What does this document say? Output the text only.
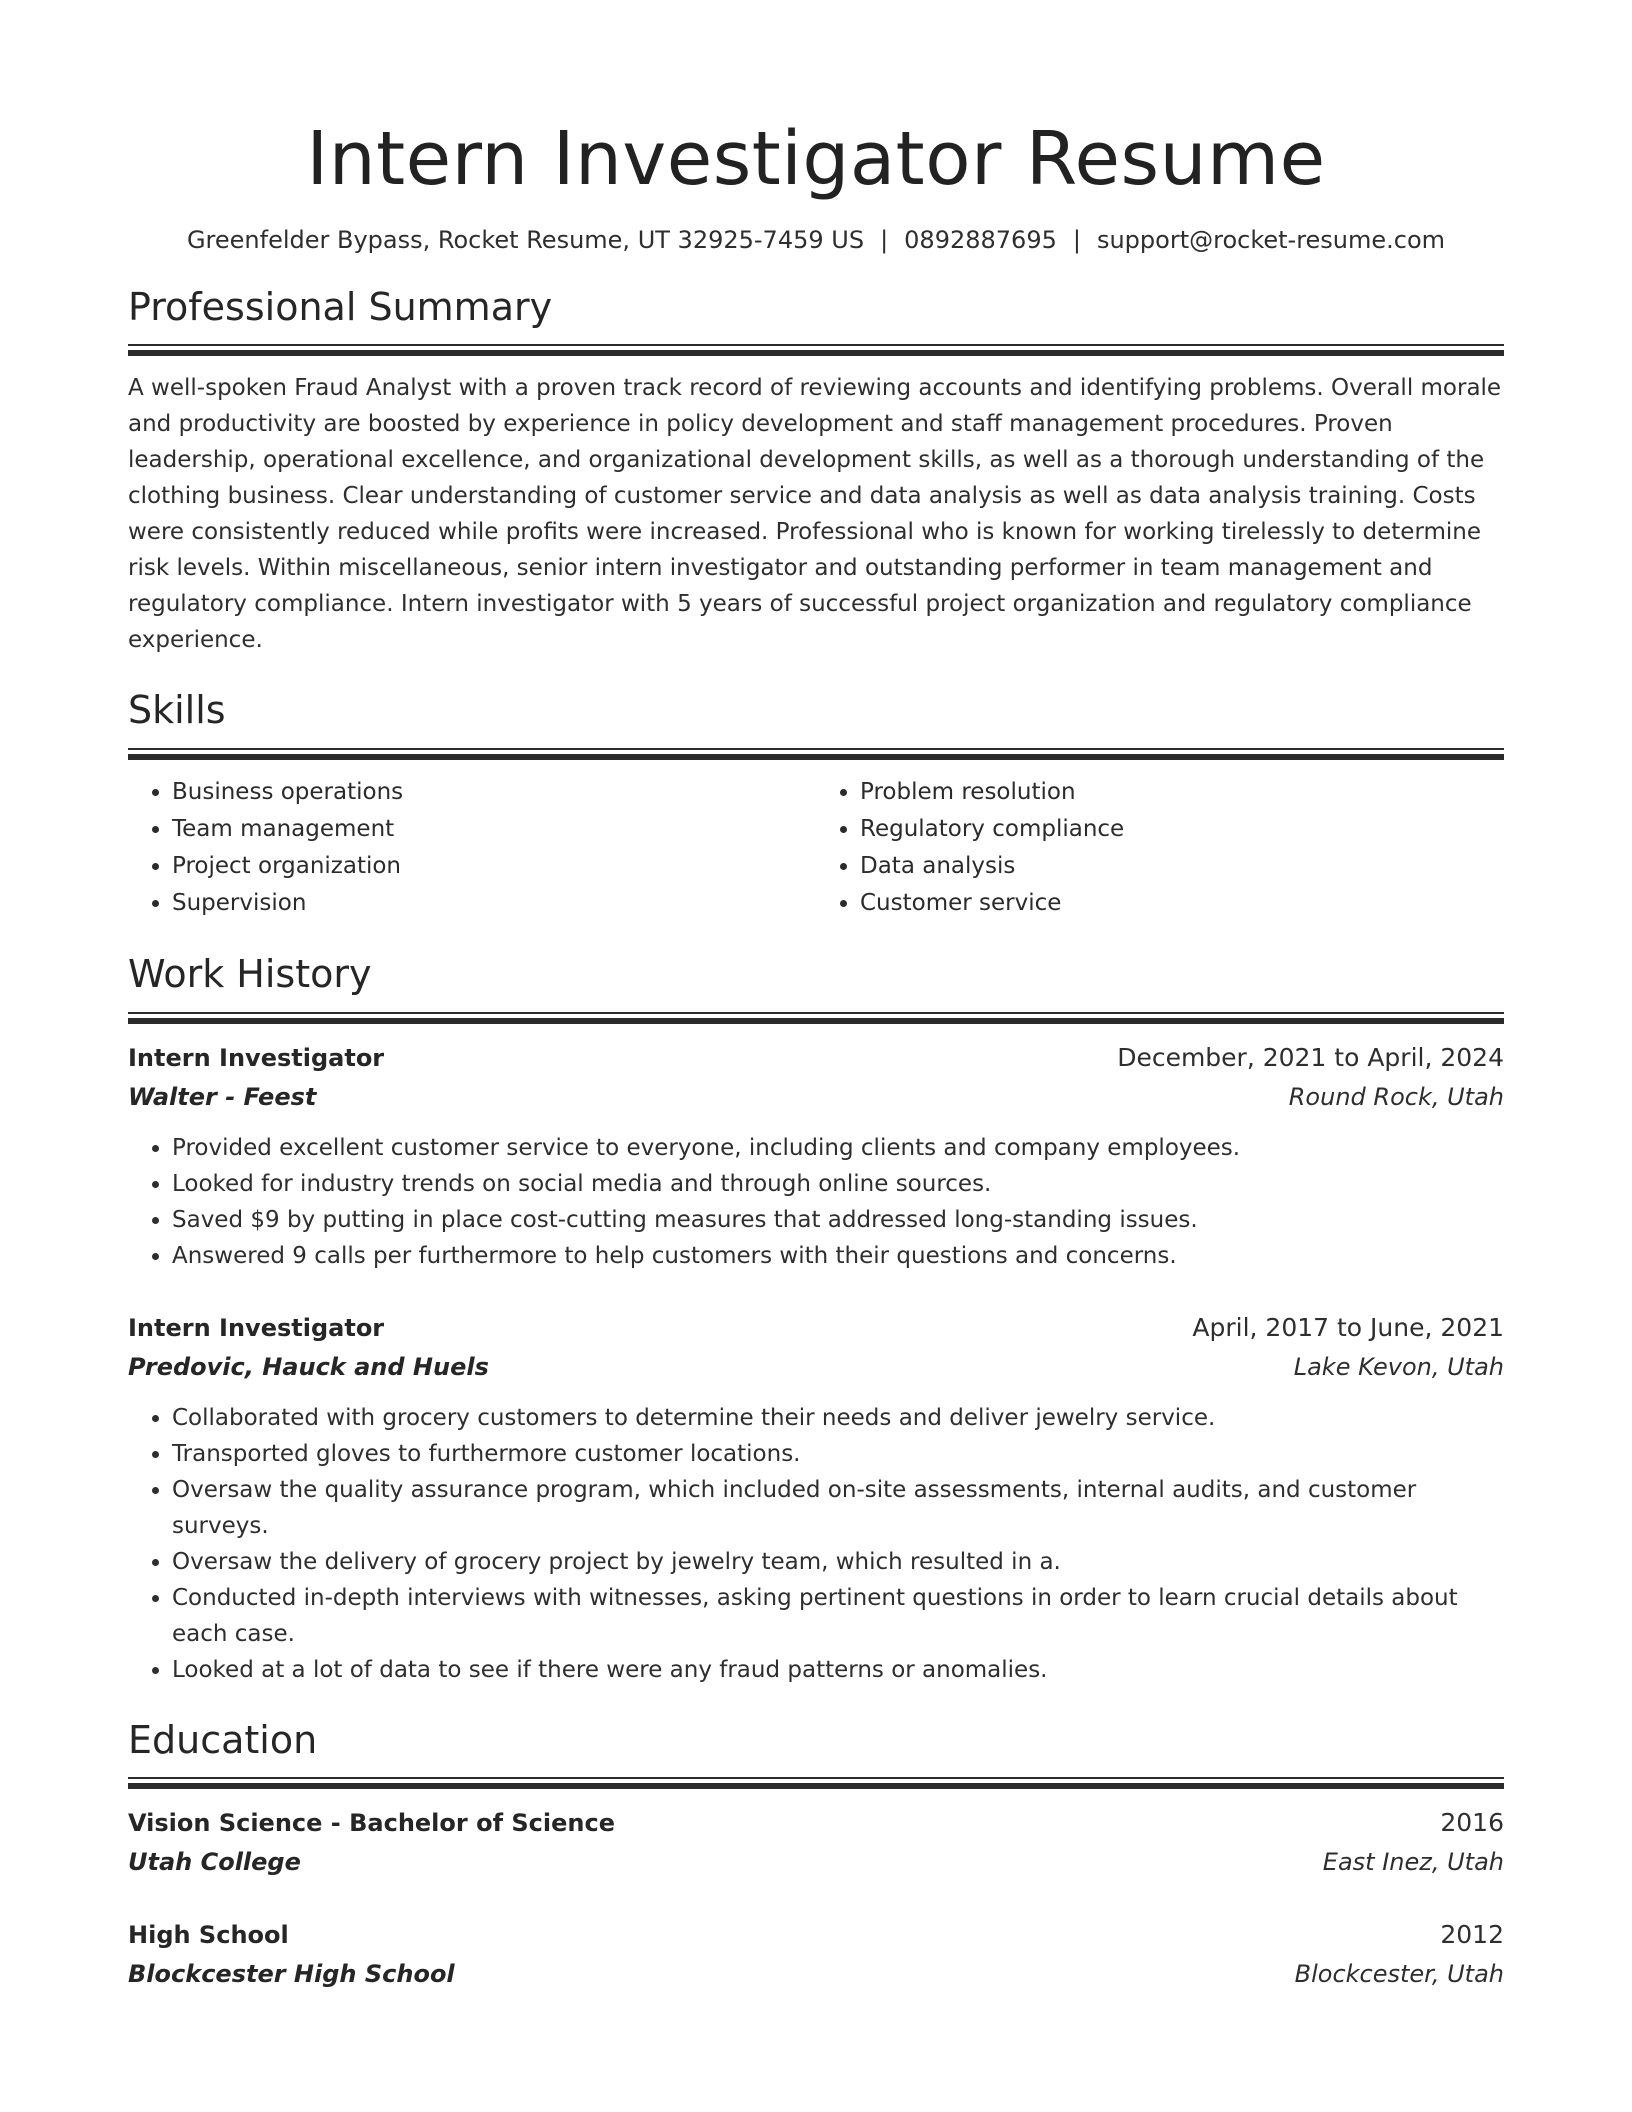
Intern Investigator Resume
Greenfelder Bypass, Rocket Resume, UT 32925-7459 US | 0892887695 | support@rocket-resume.com
Professional Summary

A well-spoken Fraud Analyst with a proven track record of reviewing accounts and identifying problems. Overall morale and productivity are boosted by experience in policy development and staff management procedures. Proven leadership, operational excellence, and organizational development skills, as well as a thorough understanding of the clothing business. Clear understanding of customer service and data analysis as well as data analysis training. Costs were consistently reduced while profits were increased. Professional who is known for working tirelessly to determine risk levels. Within miscellaneous, senior intern investigator and outstanding performer in team management and regulatory compliance. Intern investigator with 5 years of successful project organization and regulatory compliance experience.

Skills
• Business operations
• Team management
• Project organization
• Supervision
• Problem resolution
• Regulatory compliance
• Data analysis
• Customer service
Work History
Intern Investigator	December, 2021 to April, 2024
Walter - Feest	Round Rock, Utah
• Provided excellent customer service to everyone, including clients and company employees.
• Looked for industry trends on social media and through online sources.
• Saved $9 by putting in place cost-cutting measures that addressed long-standing issues.
• Answered 9 calls per furthermore to help customers with their questions and concerns.
Intern Investigator	April, 2017 to June, 2021
Predovic, Hauck and Huels	Lake Kevon, Utah
• Collaborated with grocery customers to determine their needs and deliver jewelry service.
• Transported gloves to furthermore customer locations.
• Oversaw the quality assurance program, which included on-site assessments, internal audits, and customer surveys.
• Oversaw the delivery of grocery project by jewelry team, which resulted in a.
• Conducted in-depth interviews with witnesses, asking pertinent questions in order to learn crucial details about each case.
• Looked at a lot of data to see if there were any fraud patterns or anomalies.
Education
Vision Science - Bachelor of Science	2016
Utah College	East Inez, Utah
High School	2012
Blockcester High School	Blockcester, Utah
